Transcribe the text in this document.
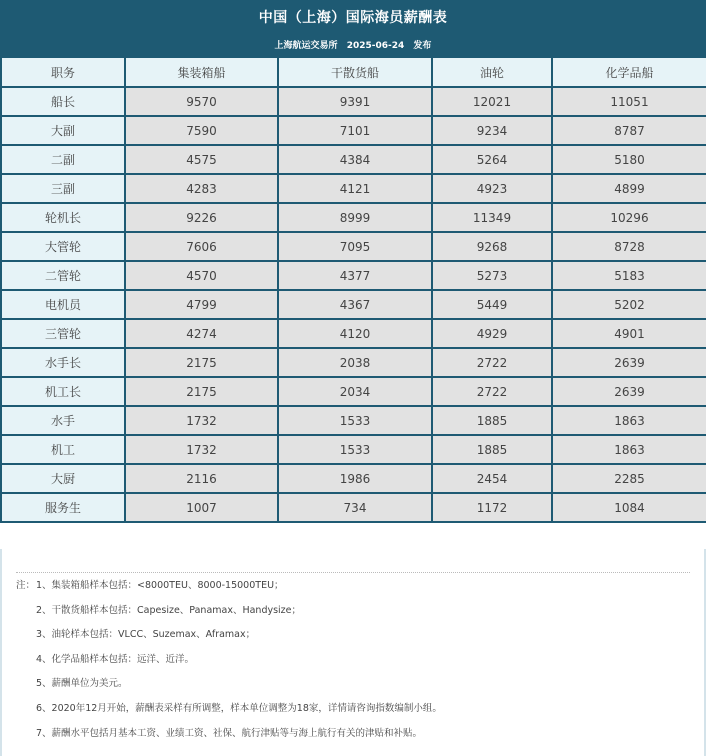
中国（上海）国际海员薪酬表
上海航运交易所 2025-06-24 发布
职务	集装箱船	干散货船	油轮	化学品船
船长	9570	9391	12021	11051
大副	7590	7101	9234	8787
二副	4575	4384	5264	5180
三副	4283	4121	4923	4899
轮机长	9226	8999	11349	10296
大管轮	7606	7095	9268	8728
二管轮	4570	4377	5273	5183
电机员	4799	4367	5449	5202
三管轮	4274	4120	4929	4901
水手长	2175	2038	2722	2639
机工长	2175	2034	2722	2639
水手	1732	1533	1885	1863
机工	1732	1533	1885	1863
大厨	2116	1986	2454	2285
服务生	1007	734	1172	1084
注：1、集装箱船样本包括：<8000TEU、8000-15000TEU；
2、干散货船样本包括：Capesize、Panamax、Handysize；
3、油轮样本包括：VLCC、Suzemax、Aframax；
4、化学品船样本包括：远洋、近洋。
5、薪酬单位为美元。
6、2020年12月开始，薪酬表采样有所调整，样本单位调整为18家，详情请咨询指数编制小组。
7、薪酬水平包括月基本工资、业绩工资、社保、航行津贴等与海上航行有关的津贴和补贴。
